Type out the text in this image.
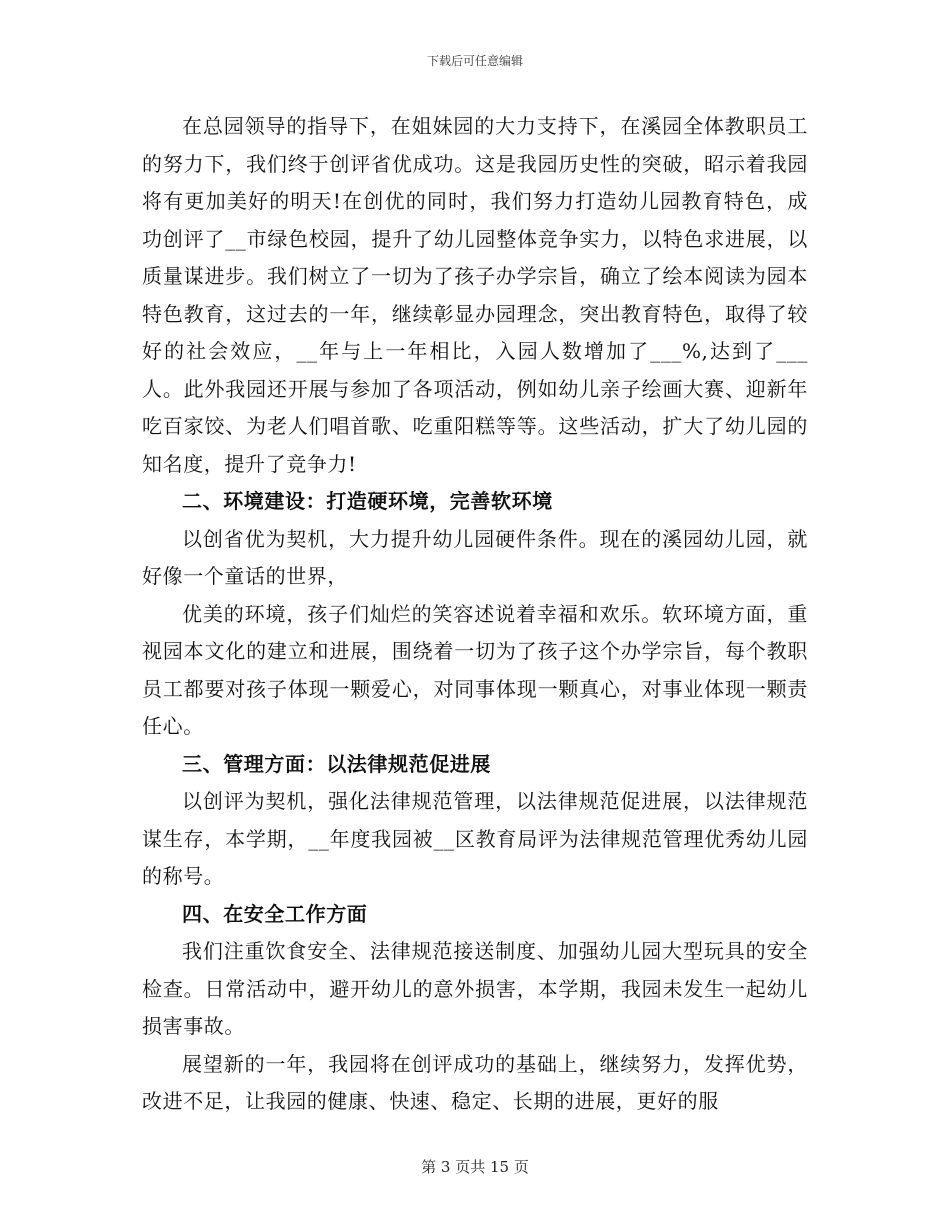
下载后可任意编辑

在总园领导的指导下，在姐妹园的大力支持下，在溪园全体教职员工的努力下，我们终于创评省优成功。这是我园历史性的突破，昭示着我园将有更加美好的明天!在创优的同时，我们努力打造幼儿园教育特色，成功创评了__市绿色校园，提升了幼儿园整体竞争实力，以特色求进展，以质量谋进步。我们树立了一切为了孩子办学宗旨，确立了绘本阅读为园本特色教育，这过去的一年，继续彰显办园理念，突出教育特色，取得了较好的社会效应，__年与上一年相比，入园人数增加了___%,达到了___人。此外我园还开展与参加了各项活动，例如幼儿亲子绘画大赛、迎新年吃百家饺、为老人们唱首歌、吃重阳糕等等。这些活动，扩大了幼儿园的知名度，提升了竞争力!

二、环境建设：打造硬环境，完善软环境

以创省优为契机，大力提升幼儿园硬件条件。现在的溪园幼儿园，就好像一个童话的世界，

优美的环境，孩子们灿烂的笑容述说着幸福和欢乐。软环境方面，重视园本文化的建立和进展，围绕着一切为了孩子这个办学宗旨，每个教职员工都要对孩子体现一颗爱心，对同事体现一颗真心，对事业体现一颗责任心。

三、管理方面：以法律规范促进展

以创评为契机，强化法律规范管理，以法律规范促进展，以法律规范谋生存，本学期，__年度我园被__区教育局评为法律规范管理优秀幼儿园的称号。

四、在安全工作方面

我们注重饮食安全、法律规范接送制度、加强幼儿园大型玩具的安全检查。日常活动中，避开幼儿的意外损害，本学期，我园未发生一起幼儿损害事故。

展望新的一年，我园将在创评成功的基础上，继续努力，发挥优势，改进不足，让我园的健康、快速、稳定、长期的进展，更好的服

第 3 页共 15 页
